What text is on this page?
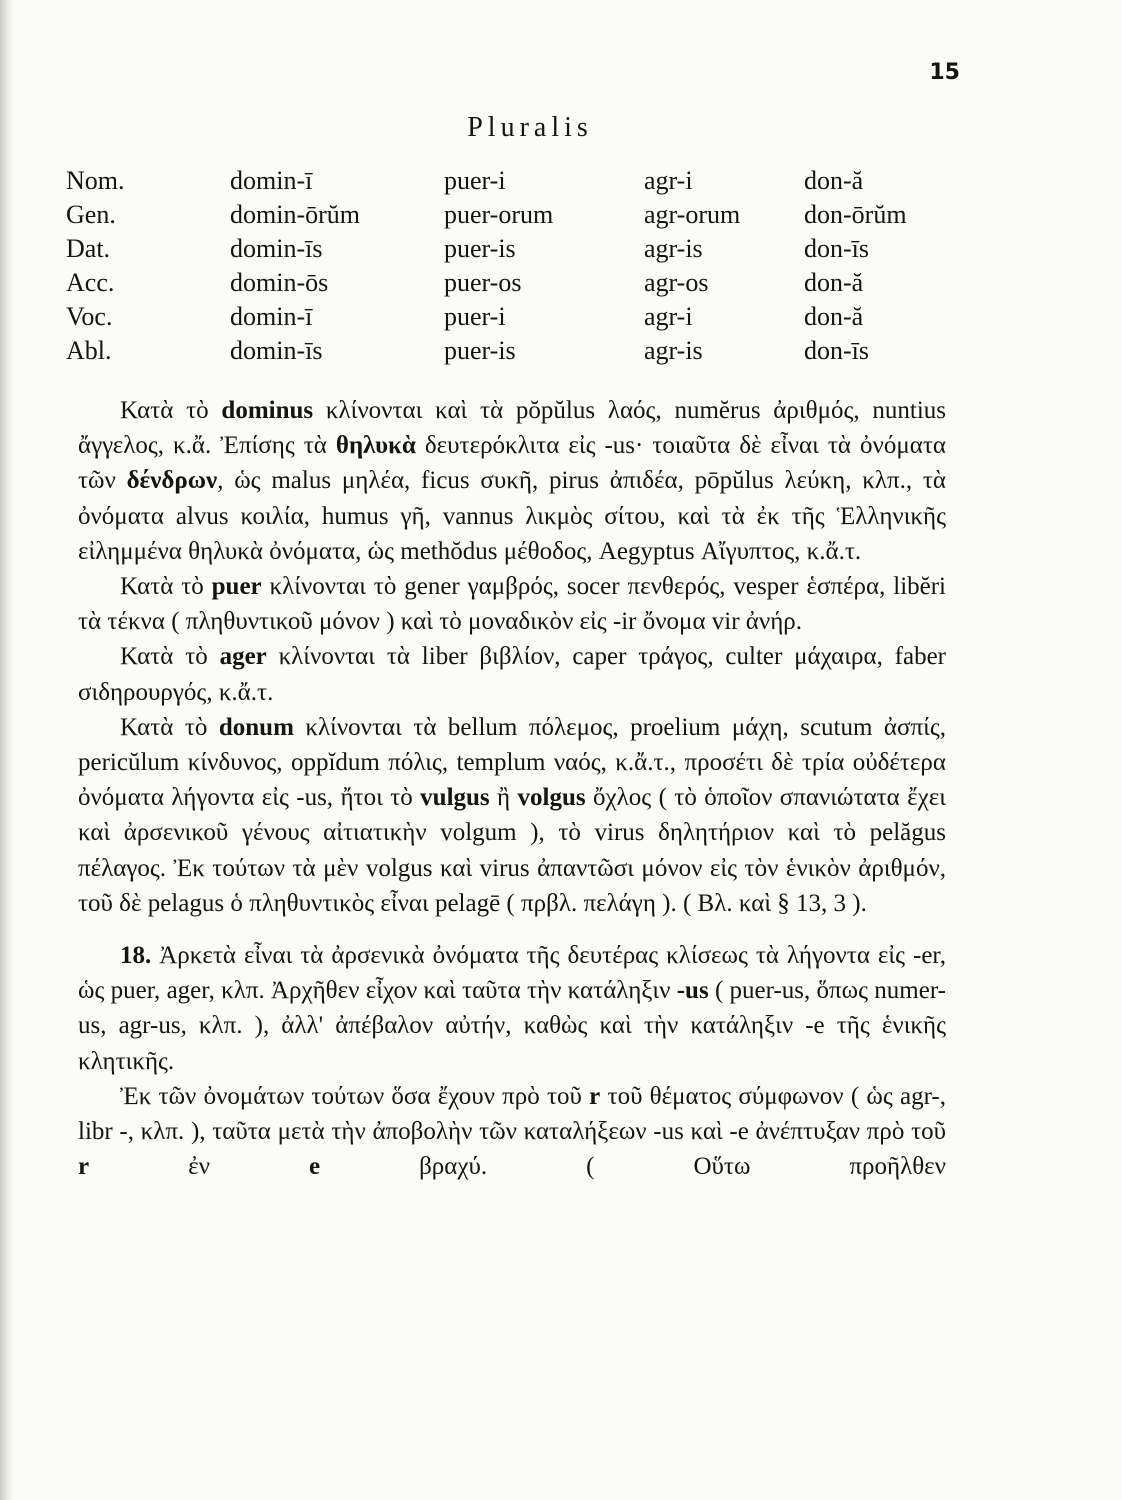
15
Pluralis
Nom.	domin-ī	puer-i	agr-i	don-ă
Gen.	domin-ōrŭm	puer-orum	agr-orum	don-ōrŭm
Dat.	domin-īs	puer-is	agr-is	don-īs
Acc.	domin-ōs	puer-os	agr-os	don-ă
Voc.	domin-ī	puer-i	agr-i	don-ă
Abl.	domin-īs	puer-is	agr-is	don-īs

Κατὰ τὸ dominus κλίνονται καὶ τὰ pŏpŭlus λαός, numĕrus ἀριθμός, nuntius ἄγγελος, κ.ἄ. Ἐπίσης τὰ θηλυκὰ δευτερόκλιτα εἰς -us· τοιαῦτα δὲ εἶναι τὰ ὀνόματα τῶν δένδρων, ὡς malus μηλέα, ficus συκῆ, pirus ἀπιδέα, pōpŭlus λεύκη, κλπ., τὰ ὀνόματα alvus κοιλία, humus γῆ, vannus λικμὸς σίτου, καὶ τὰ ἐκ τῆς Ἑλληνικῆς εἰλημμένα θηλυκὰ ὀνόματα, ὡς methŏdus μέθοδος, Aegyptus Αἴγυπτος, κ.ἄ.τ.

Κατὰ τὸ puer κλίνονται τὸ gener γαμβρός, socer πενθερός, vesper ἑσπέρα, libĕri τὰ τέκνα ( πληθυντικοῦ μόνον ) καὶ τὸ μοναδικὸν εἰς -ir ὄνομα vir ἀνήρ.

Κατὰ τὸ ager κλίνονται τὰ liber βιβλίον, caper τράγος, culter μάχαιρα, faber σιδηρουργός, κ.ἄ.τ.

Κατὰ τὸ donum κλίνονται τὰ bellum πόλεμος, proelium μάχη, scutum ἀσπίς, pericŭlum κίνδυνος, oppĭdum πόλις, templum ναός, κ.ἄ.τ., προσέτι δὲ τρία οὐδέτερα ὀνόματα λήγοντα εἰς -us, ἤτοι τὸ vulgus ἢ volgus ὄχλος ( τὸ ὁποῖον σπανιώτατα ἔχει καὶ ἀρσενικοῦ γένους αἰτιατικὴν volgum ), τὸ virus δηλητήριον καὶ τὸ pelăgus πέλαγος. Ἐκ τούτων τὰ μὲν volgus καὶ virus ἀπαντῶσι μόνον εἰς τὸν ἑνικὸν ἀριθμόν, τοῦ δὲ pelagus ὁ πληθυντικὸς εἶναι pelagē ( πρβλ. πελάγη ). ( Βλ. καὶ § 13, 3 ).

18. Ἀρκετὰ εἶναι τὰ ἀρσενικὰ ὀνόματα τῆς δευτέρας κλίσεως τὰ λήγοντα εἰς -er, ὡς puer, ager, κλπ. Ἀρχῆθεν εἶχον καὶ ταῦτα τὴν κατάληξιν -us ( puer-us, ὅπως numer-us, agr-us, κλπ. ), ἀλλ' ἀπέβαλον αὐτήν, καθὼς καὶ τὴν κατάληξιν -e τῆς ἑνικῆς κλητικῆς.

Ἐκ τῶν ὀνομάτων τούτων ὅσα ἔχουν πρὸ τοῦ r τοῦ θέματος σύμφωνον ( ὡς agr-, libr -, κλπ. ), ταῦτα μετὰ τὴν ἀποβολὴν τῶν καταλήξεων -us καὶ -e ἀνέπτυξαν πρὸ τοῦ r ἐν e βραχύ. ( Οὕτω προῆλθεν
